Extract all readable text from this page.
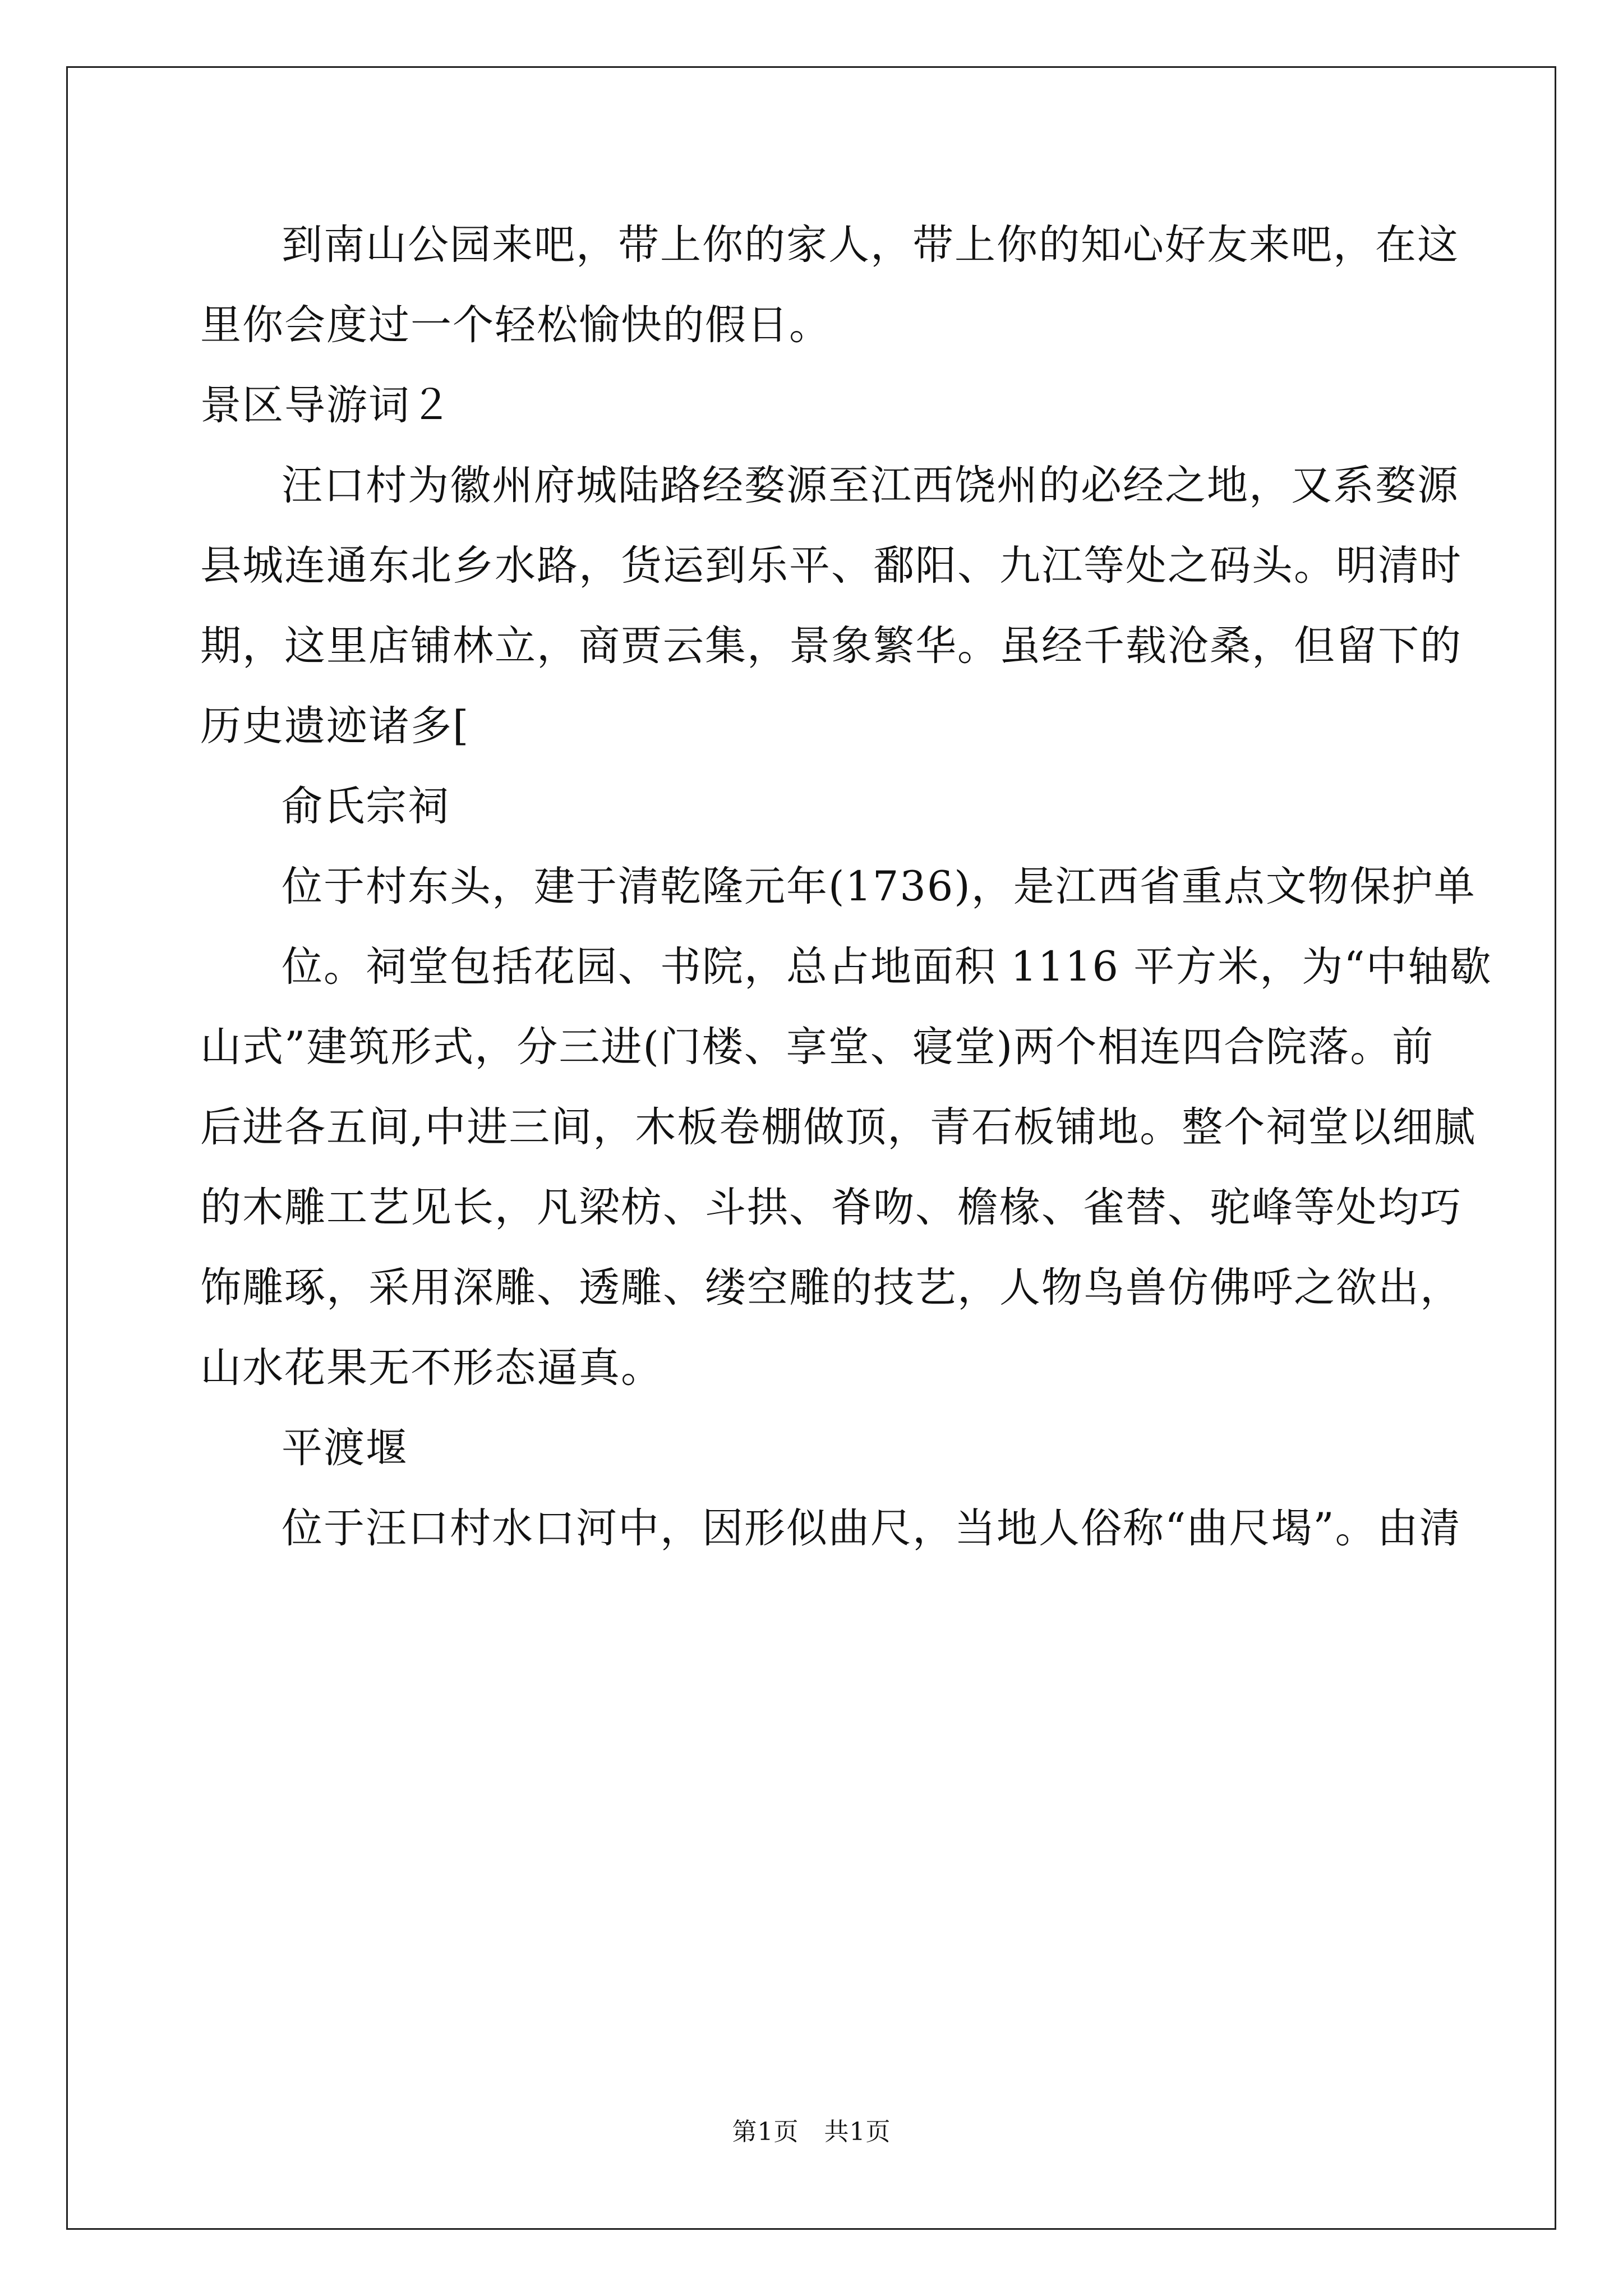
到南山公园来吧，带上你的家人，带上你的知心好友来吧，在这
里你会度过一个轻松愉快的假日。
景区导游词２
汪口村为徽州府城陆路经婺源至江西饶州的必经之地，又系婺源
县城连通东北乡水路，货运到乐平、鄱阳、九江等处之码头。明清时
期，这里店铺林立，商贾云集，景象繁华。虽经千载沧桑，但留下的
历史遗迹诸多[
俞氏宗祠
位于村东头，建于清乾隆元年(1736)，是江西省重点文物保护单
位。祠堂包括花园、书院，总占地面积 1116 平方米，为“中轴歇
山式”建筑形式，分三进(门楼、享堂、寝堂)两个相连四合院落。前
后进各五间,中进三间，木板卷棚做顶，青石板铺地。整个祠堂以细腻
的木雕工艺见长，凡梁枋、斗拱、脊吻、檐椽、雀替、驼峰等处均巧
饰雕琢，采用深雕、透雕、缕空雕的技艺，人物鸟兽仿佛呼之欲出，
山水花果无不形态逼真。
平渡堰
位于汪口村水口河中，因形似曲尺，当地人俗称“曲尺堨”。由清
第1页　共1页
